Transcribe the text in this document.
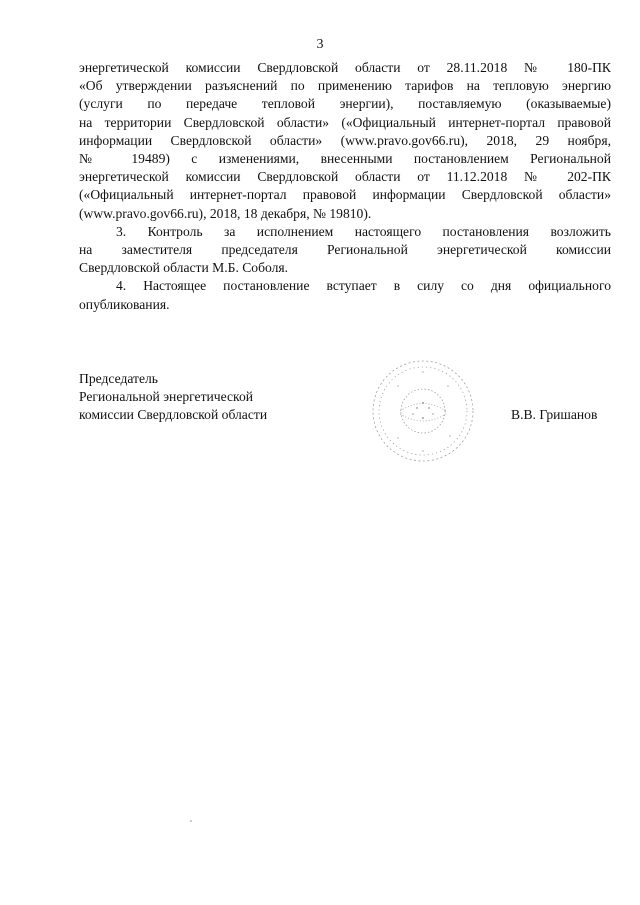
3
энергетической комиссии Свердловской области от 28.11.2018 № 180-ПК
«Об утверждении разъяснений по применению тарифов на тепловую энергию
(услуги по передаче тепловой энергии), поставляемую (оказываемые)
на территории Свердловской области» («Официальный интернет-портал правовой
информации Свердловской области» (www.pravo.gov66.ru), 2018, 29 ноября,
№ 19489) с изменениями, внесенными постановлением Региональной
энергетической комиссии Свердловской области от 11.12.2018 № 202-ПК
(«Официальный интернет-портал правовой информации Свердловской области»
(www.pravo.gov66.ru), 2018, 18 декабря, № 19810).
3. Контроль за исполнением настоящего постановления возложить
на заместителя председателя Региональной энергетической комиссии
Свердловской области М.Б. Соболя.
4. Настоящее постановление вступает в силу со дня официального
опубликования.
Председатель
Региональной энергетической
комиссии Свердловской области	В.В. Гришанов
